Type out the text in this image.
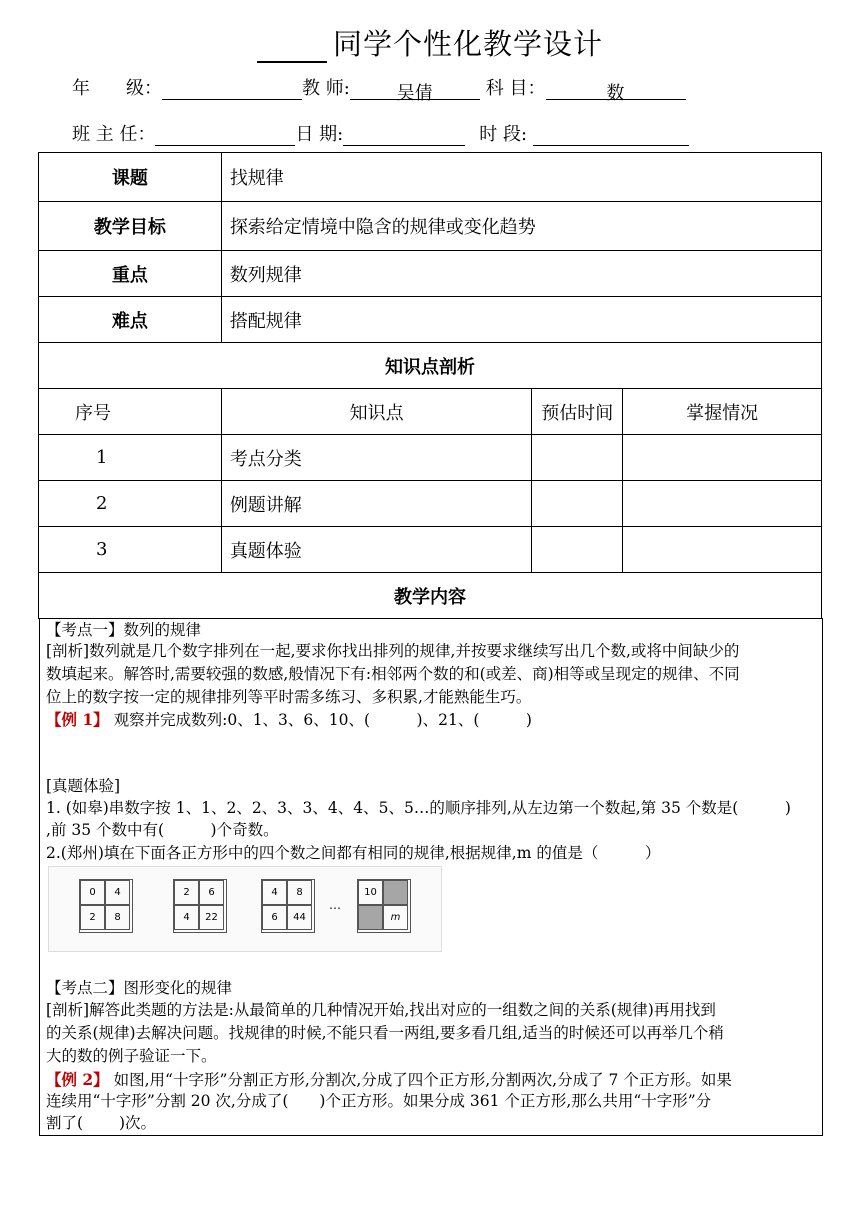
同学个性化教学设计
年　　级：	教 师:	吴倩	科 目：	数
班 主 任：	日 期:	时 段:
课题	找规律		
教学目标	探索给定情境中隐含的规律或变化趋势		
重点	数列规律		
难点	搭配规律		
知识点剖析			
序号	知识点	预估时间	掌握情况
1	考点分类		
2	例题讲解		
3	真题体验		
教学内容			

【考点一】数列的规律

[剖析]数列就是几个数字排列在一起,要求你找出排列的规律,并按要求继续写出几个数,或将中间缺少的

数填起来。解答时,需要较强的数感,般情况下有:相邻两个数的和(或差、商)相等或呈现定的规律、不同

位上的数字按一定的规律排列等平时需多练习、多积累,才能熟能生巧。

【例 1】 观察并完成数列:0、1、3、6、10、(　　　)、21、(　　　)

[真题体验]

1. (如皋)串数字按 1、1、2、2、3、3、4、4、5、5…的顺序排列,从左边第一个数起,第 35 个数是(　　　)

,前 35 个数中有(　　　)个奇数。

2.(郑州)填在下面各正方形中的四个数之间都有相同的规律,根据规律,m 的值是（　　　）

0	4
2	8
2	6
4	22
4	8
6	44
…
10
m

【考点二】图形变化的规律

[剖析]解答此类题的方法是:从最简单的几种情况开始,找出对应的一组数之间的关系(规律)再用找到

的关系(规律)去解决问题。找规律的时候,不能只看一两组,要多看几组,适当的时候还可以再举几个稍

大的数的例子验证一下。

【例 2】 如图,用“十字形”分割正方形,分割次,分成了四个正方形,分割两次,分成了 7 个正方形。如果

连续用“十字形”分割 20 次,分成了(　　)个正方形。如果分成 361 个正方形,那么共用“十字形”分

割了(　　 )次。
